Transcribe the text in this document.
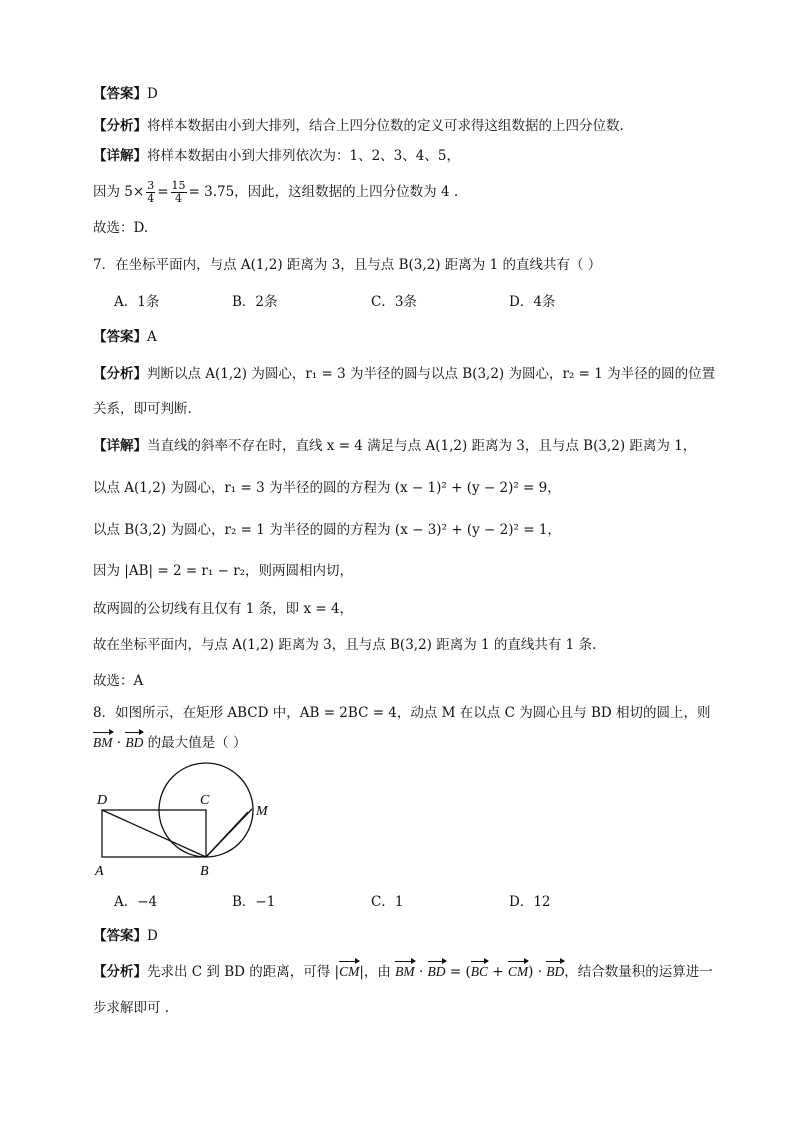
【答案】D
【分析】将样本数据由小到大排列，结合上四分位数的定义可求得这组数据的上四分位数.
【详解】将样本数据由小到大排列依次为：1、2、3、4、5，
因为 $5\times \frac{3}{4} = \frac{15}{4} = 3.75$，因此，这组数据的上四分位数为 4 .
故选：D.
7．在坐标平面内，与点 A(1,2) 距离为 3，且与点 B(3,2) 距离为 1 的直线共有（ ）
A．1条	B．2条	C．3条	D．4条
【答案】A
【分析】判断以点 A(1,2) 为圆心，r₁ = 3 为半径的圆与以点 B(3,2) 为圆心，r₂ = 1 为半径的圆的位置
关系，即可判断.
【详解】当直线的斜率不存在时，直线 x = 4 满足与点 A(1,2) 距离为 3，且与点 B(3,2) 距离为 1，
以点 A(1,2) 为圆心，r₁ = 3 为半径的圆的方程为 (x − 1)² + (y − 2)² = 9，
以点 B(3,2) 为圆心，r₂ = 1 为半径的圆的方程为 (x − 3)² + (y − 2)² = 1，
因为 |AB| = 2 = r₁ − r₂，则两圆相内切，
故两圆的公切线有且仅有 1 条，即 x = 4，
故在坐标平面内，与点 A(1,2) 距离为 3，且与点 B(3,2) 距离为 1 的直线共有 1 条.
故选：A
8．如图所示，在矩形 ABCD 中，AB = 2BC = 4，动点 M 在以点 C 为圆心且与 BD 相切的圆上，则
BM · BD 的最大值是（ ）
D	C
M
A	B
A．−4	B．−1	C．1	D．12
【答案】D
【分析】先求出 C 到 BD 的距离，可得 |CM|，由 BM · BD = (BC + CM) · BD，结合数量积的运算进一
步求解即可 .
